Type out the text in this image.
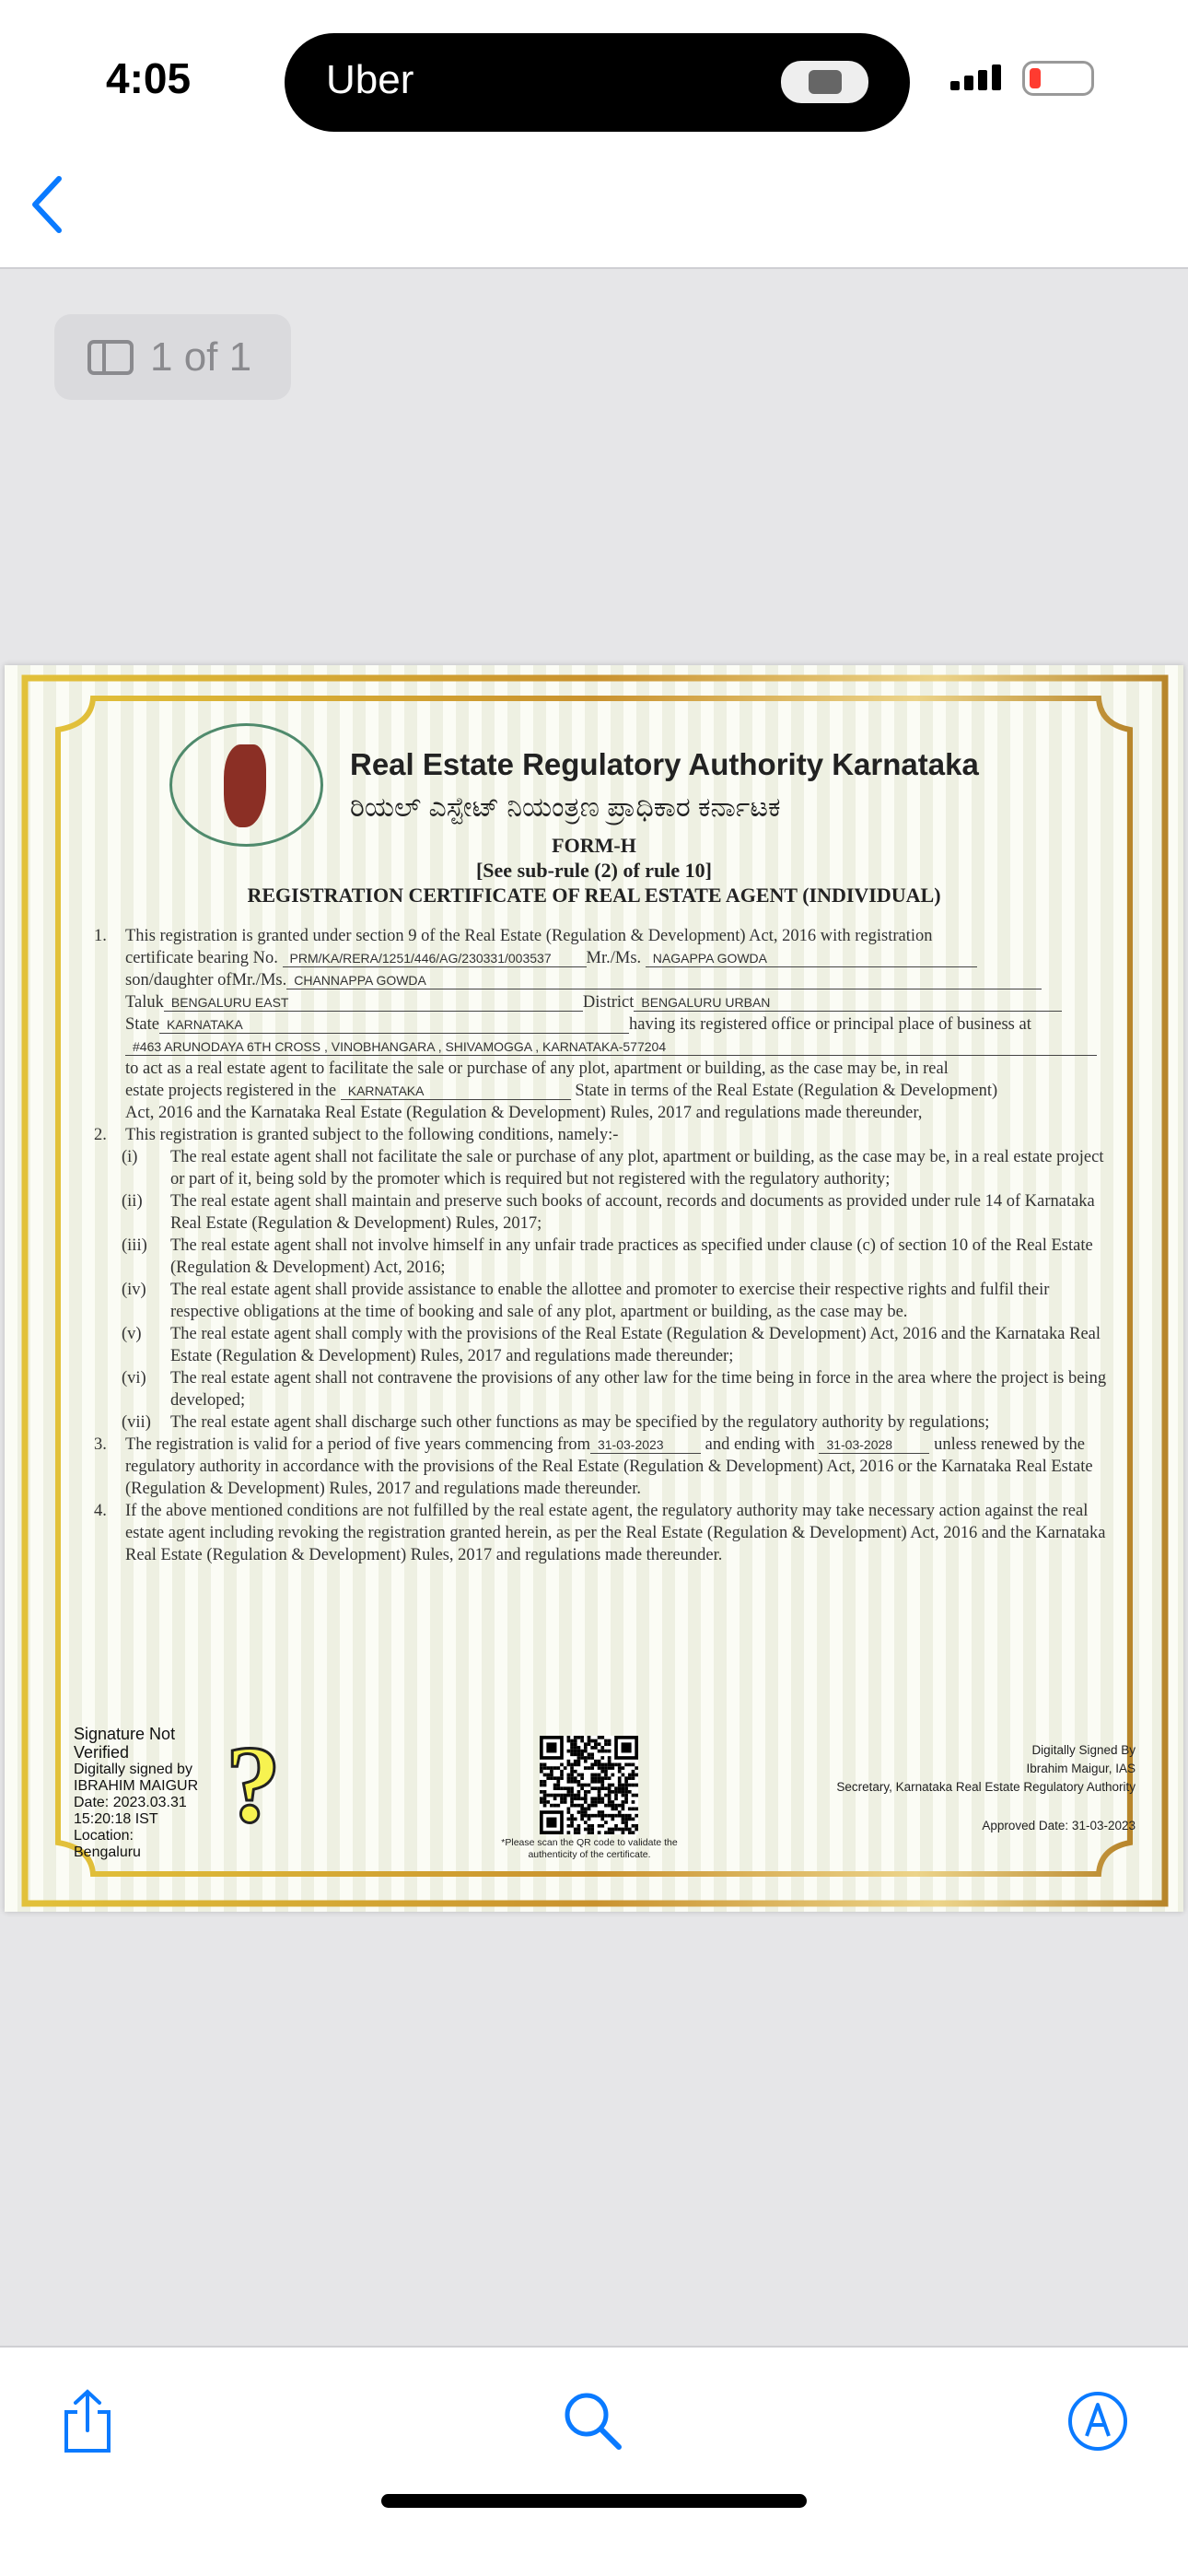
4:05	Uber
1 of 1
Real Estate Regulatory Authority Karnataka
ರಿಯಲ್ ಎಸ್ಟೇಟ್ ನಿಯಂತ್ರಣ ಪ್ರಾಧಿಕಾರ ಕರ್ನಾಟಕ
FORM-H
[See sub-rule (2) of rule 10]
REGISTRATION CERTIFICATE OF REAL ESTATE AGENT (INDIVIDUAL)
1.	This registration is granted under section 9 of the Real Estate (Regulation & Development) Act, 2016 with registration
certificate bearing No. PRM/KA/RERA/1251/446/AG/230331/003537 Mr./Ms. NAGAPPA GOWDA
son/daughter ofMr./Ms. CHANNAPPA GOWDA
Taluk BENGALURU EAST	District BENGALURU URBAN
State KARNATAKA	having its registered office or principal place of business at
#463 ARUNODAYA 6TH CROSS , VINOBHANGARA , SHIVAMOGGA , KARNATAKA-577204
to act as a real estate agent to facilitate the sale or purchase of any plot, apartment or building, as the case may be, in real
estate projects registered in the KARNATAKA	State in terms of the Real Estate (Regulation & Development)
Act, 2016 and the Karnataka Real Estate (Regulation & Development) Rules, 2017 and regulations made thereunder,
2.	This registration is granted subject to the following conditions, namely:-
(i)	The real estate agent shall not facilitate the sale or purchase of any plot, apartment or building, as the case may be, in a real estate project or part of it, being sold by the promoter which is required but not registered with the regulatory authority;
(ii)	The real estate agent shall maintain and preserve such books of account, records and documents as provided under rule 14 of Karnataka Real Estate (Regulation & Development) Rules, 2017;
(iii)	The real estate agent shall not involve himself in any unfair trade practices as specified under clause (c) of section 10 of the Real Estate (Regulation & Development) Act, 2016;
(iv)	The real estate agent shall provide assistance to enable the allottee and promoter to exercise their respective rights and fulfil their respective obligations at the time of booking and sale of any plot, apartment or building, as the case may be.
(v)	The real estate agent shall comply with the provisions of the Real Estate (Regulation & Development) Act, 2016 and the Karnataka Real Estate (Regulation & Development) Rules, 2017 and regulations made thereunder;
(vi)	The real estate agent shall not contravene the provisions of any other law for the time being in force in the area where the project is being developed;
(vii)	The real estate agent shall discharge such other functions as may be specified by the regulatory authority by regulations;
3.	The registration is valid for a period of five years commencing from 31-03-2023 and ending with 31-03-2028 unless renewed by the regulatory authority in accordance with the provisions of the Real Estate (Regulation & Development) Act, 2016 or the Karnataka Real Estate (Regulation & Development) Rules, 2017 and regulations made thereunder.
4.	If the above mentioned conditions are not fulfilled by the real estate agent, the regulatory authority may take necessary action against the real estate agent including revoking the registration granted herein, as per the Real Estate (Regulation & Development) Act, 2016 and the Karnataka Real Estate (Regulation & Development) Rules, 2017 and regulations made thereunder.
?
Signature Not Verified
Digitally signed by
IBRAHIM MAIGUR
Date: 2023.03.31
15:20:18 IST
Location:
Bengaluru
*Please scan the QR code to validate the authenticity of the certificate.
Digitally Signed By
Ibrahim Maigur, IAS
Secretary, Karnataka Real Estate Regulatory Authority
Approved Date: 31-03-2023
